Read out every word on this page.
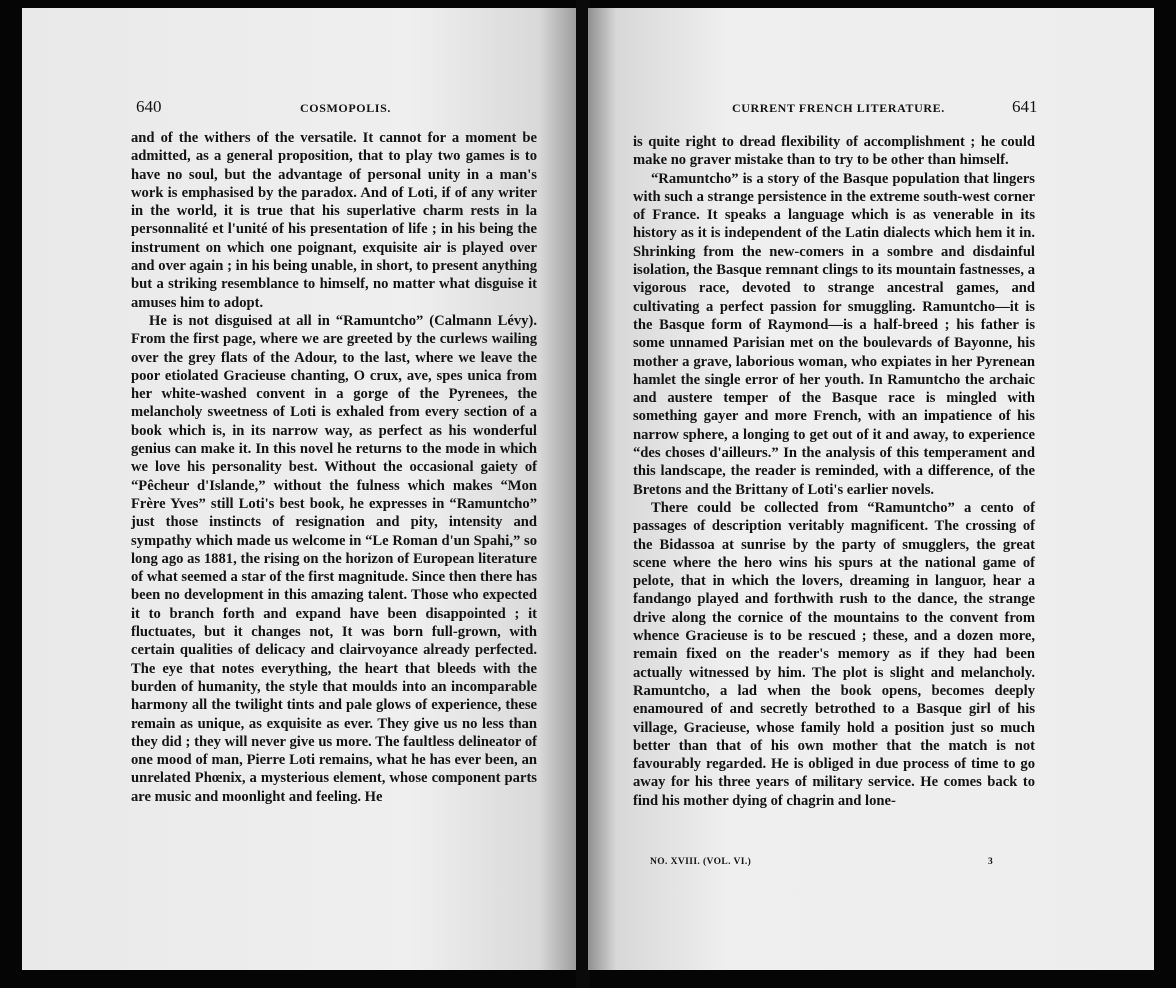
640	COSMOPOLIS.

and of the withers of the versatile. It cannot for a moment be admitted, as a general proposition, that to play two games is to have no soul, but the advantage of personal unity in a man's work is emphasised by the paradox. And of Loti, if of any writer in the world, it is true that his superlative charm rests in la personnalité et l'unité of his presentation of life ; in his being the instrument on which one poignant, exquisite air is played over and over again ; in his being unable, in short, to present anything but a striking resemblance to himself, no matter what disguise it amuses him to adopt.

He is not disguised at all in “Ramuntcho” (Calmann Lévy). From the first page, where we are greeted by the curlews wailing over the grey flats of the Adour, to the last, where we leave the poor etiolated Gracieuse chanting, O crux, ave, spes unica from her white-washed convent in a gorge of the Pyrenees, the melancholy sweetness of Loti is exhaled from every section of a book which is, in its narrow way, as perfect as his wonderful genius can make it. In this novel he returns to the mode in which we love his personality best. Without the occasional gaiety of “Pêcheur d'Islande,” without the fulness which makes “Mon Frère Yves” still Loti's best book, he expresses in “Ramuntcho” just those instincts of resignation and pity, intensity and sympathy which made us welcome in “Le Roman d'un Spahi,” so long ago as 1881, the rising on the horizon of European literature of what seemed a star of the first magnitude. Since then there has been no development in this amazing talent. Those who expected it to branch forth and expand have been disappointed ; it fluctuates, but it changes not, It was born full-grown, with certain qualities of delicacy and clairvoyance already perfected. The eye that notes everything, the heart that bleeds with the burden of humanity, the style that moulds into an incomparable harmony all the twilight tints and pale glows of experience, these remain as unique, as exquisite as ever. They give us no less than they did ; they will never give us more. The faultless delineator of one mood of man, Pierre Loti remains, what he has ever been, an unrelated Phœnix, a mysterious element, whose component parts are music and moonlight and feeling. He

CURRENT FRENCH LITERATURE.	641

is quite right to dread flexibility of accomplishment ; he could make no graver mistake than to try to be other than himself.

“Ramuntcho” is a story of the Basque population that lingers with such a strange persistence in the extreme south-west corner of France. It speaks a language which is as venerable in its history as it is independent of the Latin dialects which hem it in. Shrinking from the new-comers in a sombre and disdainful isolation, the Basque remnant clings to its mountain fastnesses, a vigorous race, devoted to strange ancestral games, and cultivating a perfect passion for smuggling. Ramuntcho—it is the Basque form of Raymond—is a half-breed ; his father is some unnamed Parisian met on the boulevards of Bayonne, his mother a grave, laborious woman, who expiates in her Pyrenean hamlet the single error of her youth. In Ramuntcho the archaic and austere temper of the Basque race is mingled with something gayer and more French, with an impatience of his narrow sphere, a longing to get out of it and away, to experience “des choses d'ailleurs.” In the analysis of this temperament and this landscape, the reader is reminded, with a difference, of the Bretons and the Brittany of Loti's earlier novels.

There could be collected from “Ramuntcho” a cento of passages of description veritably magnificent. The crossing of the Bidassoa at sunrise by the party of smugglers, the great scene where the hero wins his spurs at the national game of pelote, that in which the lovers, dreaming in languor, hear a fandango played and forthwith rush to the dance, the strange drive along the cornice of the mountains to the convent from whence Gracieuse is to be rescued ; these, and a dozen more, remain fixed on the reader's memory as if they had been actually witnessed by him. The plot is slight and melancholy. Ramuntcho, a lad when the book opens, becomes deeply enamoured of and secretly betrothed to a Basque girl of his village, Gracieuse, whose family hold a position just so much better than that of his own mother that the match is not favourably regarded. He is obliged in due process of time to go away for his three years of military service. He comes back to find his mother dying of chagrin and lone-

NO. XVIII. (VOL. VI.)	3
